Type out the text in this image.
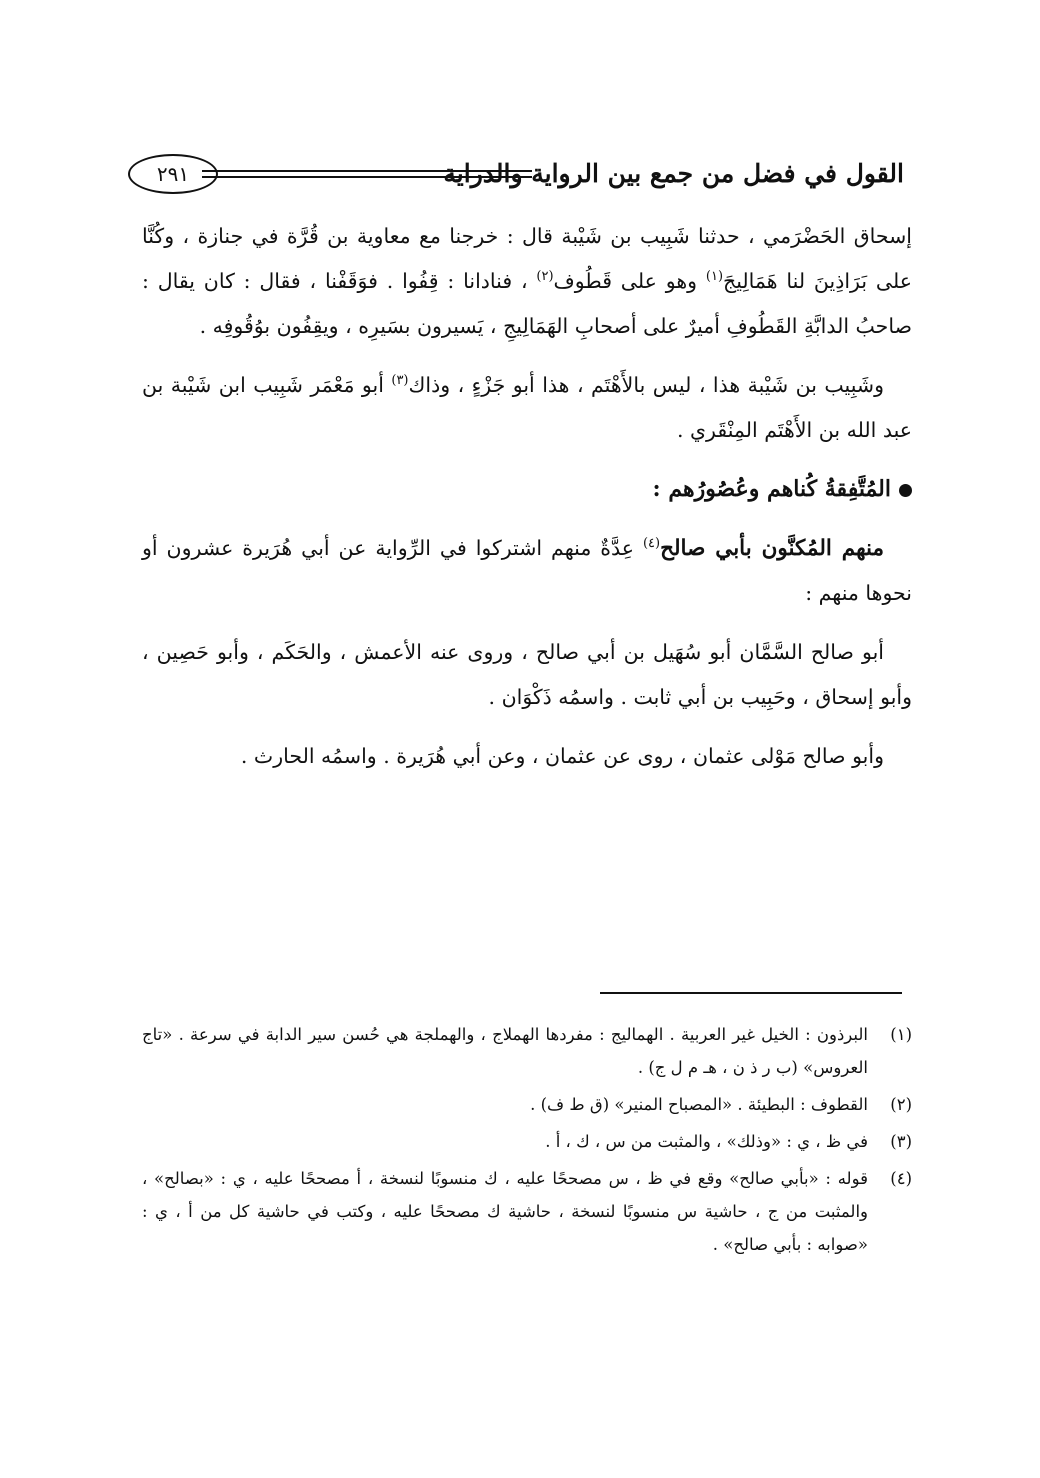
القول في فضل من جمع بين الرواية والدراية
٢٩١

إسحاق الحَضْرَمي ، حدثنا شَبِيب بن شَيْبة قال : خرجنا مع معاوية بن قُرَّة في جنازة ، وكُنَّا على بَرَاذِينَ لنا هَمَالِيجَ$^{(١)}$ وهو على قَطُوف$^{(٢)}$ ، فنادانا : قِفُوا . فوَقَفْنا ، فقال : كان يقال : صاحبُ الدابَّةِ القَطُوفِ أميرٌ على أصحابِ الهَمَالِيجِ ، يَسيرون بسَيرِه ، ويقِفُون بوُقُوفِه .

وشَبِيب بن شَيْبة هذا ، ليس بالأَهْتَم ، هذا أبو جَزْءٍ ، وذاك$^{(٣)}$ أبو مَعْمَر شَبِيب ابن شَيْبة بن عبد الله بن الأَهْتَم المِنْقَري .

المُتَّفِقةُ كُناهم وعُصُورُهم :

منهم المُكنَّون بأبي صالح$^{(٤)}$ عِدَّةٌ منهم اشتركوا في الرِّواية عن أبي هُرَيرة عشرون أو نحوها منهم :

أبو صالح السَّمَّان أبو سُهَيل بن أبي صالح ، وروى عنه الأعمش ، والحَكَم ، وأبو حَصِين ، وأبو إسحاق ، وحَبِيب بن أبي ثابت . واسمُه ذَكْوَان .

وأبو صالح مَوْلى عثمان ، روى عن عثمان ، وعن أبي هُرَيرة . واسمُه الحارث .

(١)
البرذون : الخيل غير العربية . الهماليج : مفردها الهملاج ، والهملجة هي حُسن سير الدابة في سرعة . «تاج العروس» (ب ر ذ ن ، هـ م ل ج) .

(٢)
القطوف : البطيئة . «المصباح المنير» (ق ط ف) .

(٣)
في ظ ، ي : «وذلك» ، والمثبت من س ، ك ، أ .

(٤)
قوله : «بأبي صالح» وقع في ظ ، س مصححًا عليه ، ك منسوبًا لنسخة ، أ مصححًا عليه ، ي : «بصالح» ، والمثبت من ج ، حاشية س منسوبًا لنسخة ، حاشية ك مصححًا عليه ، وكتب في حاشية كل من أ ، ي : «صوابه : بأبي صالح» .
